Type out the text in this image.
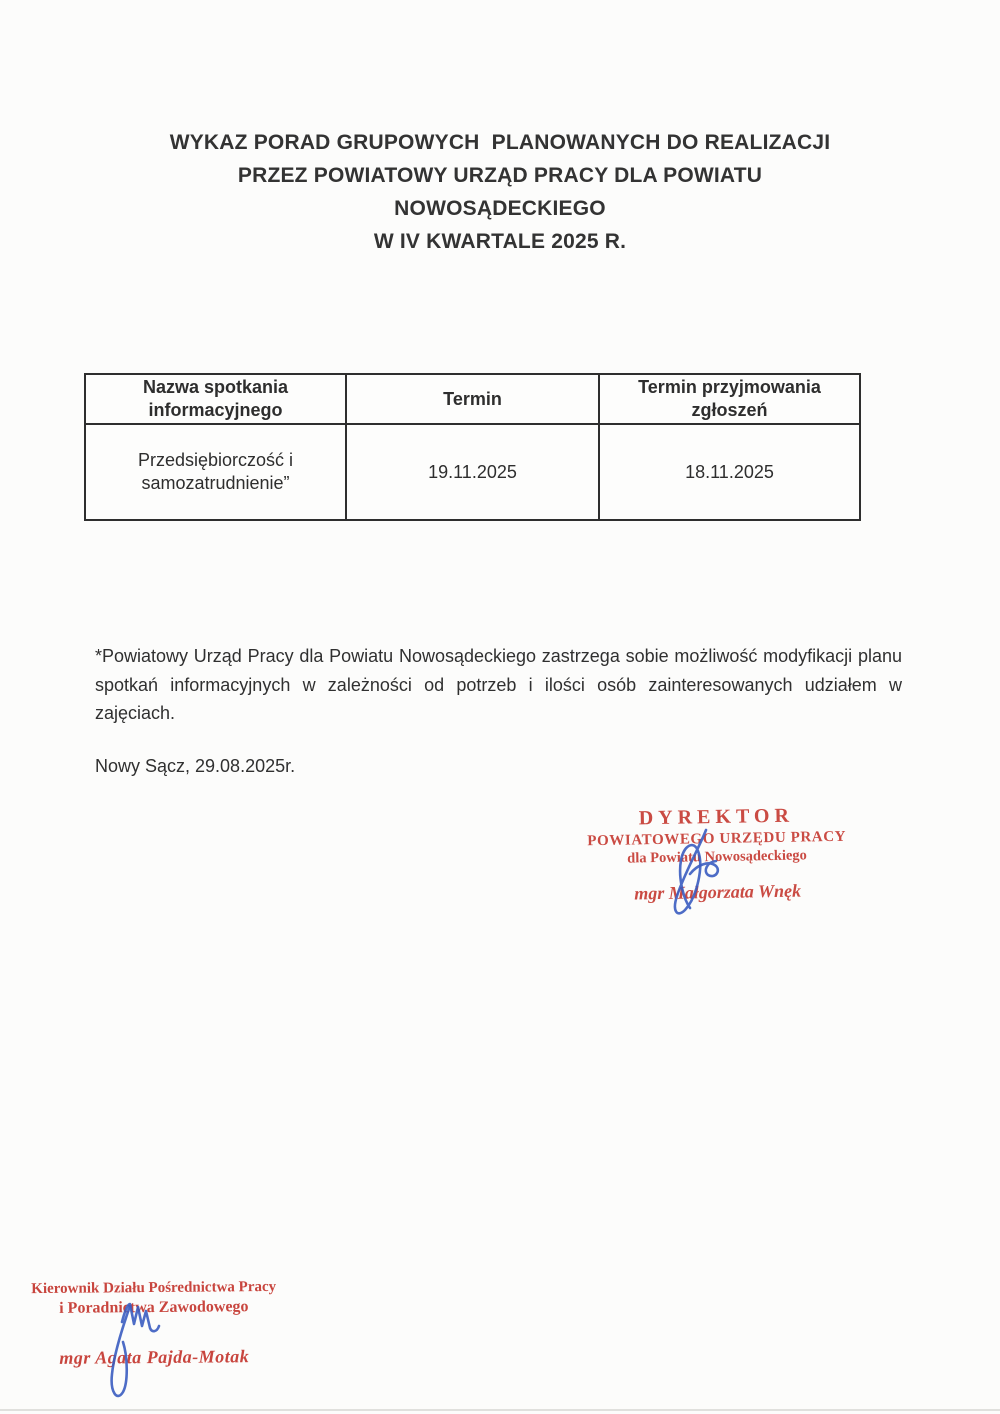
WYKAZ PORAD GRUPOWYCH  PLANOWANYCH DO REALIZACJI
PRZEZ POWIATOWY URZĄD PRACY DLA POWIATU
NOWOSĄDECKIEGO
W IV KWARTALE 2025 R.
Nazwa spotkania informacyjnego
Termin
Termin przyjmowania zgłoszeń
Przedsiębiorczość i samozatrudnienie”
19.11.2025	18.11.2025

*Powiatowy Urząd Pracy dla Powiatu Nowosądeckiego zastrzega sobie możliwość modyfikacji planu spotkań informacyjnych w zależności od potrzeb i ilości osób zainteresowanych udziałem w zajęciach.

Nowy Sącz, 29.08.2025r.
DYREKTOR
POWIATOWEGO URZĘDU PRACY
dla Powiatu Nowosądeckiego
mgr Małgorzata Wnęk
Kierownik Działu Pośrednictwa Pracy
i Poradnictwa Zawodowego
mgr Agata Pajda-Motak
